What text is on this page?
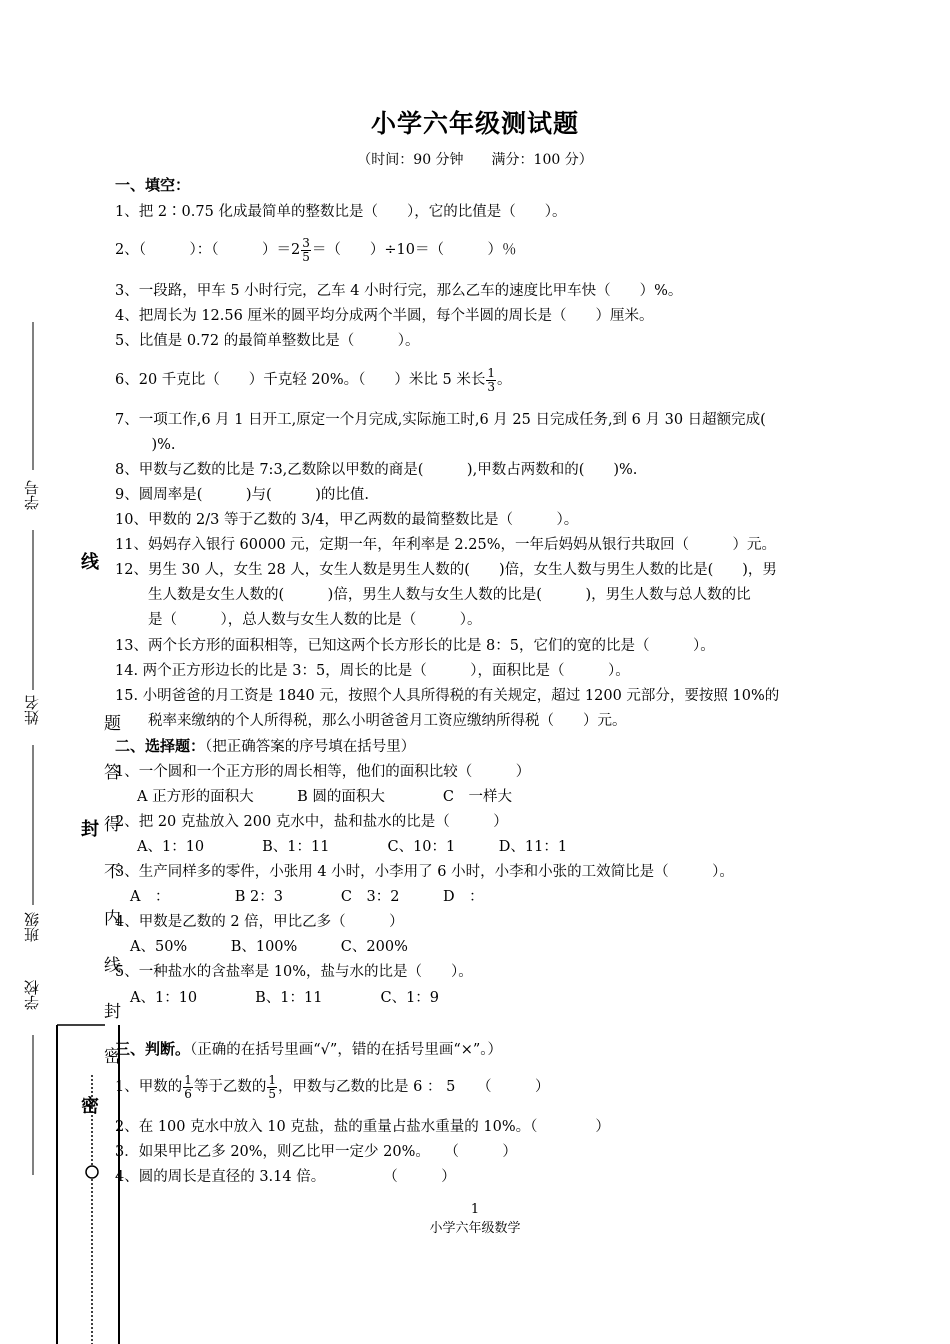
小学六年级测试题
（时间：90 分钟　　满分：100 分）
一、填空：
1、把 2∶0.75 化成最简单的整数比是（　　），它的比值是（　　）。
2、（　　　）：（　　　）$=2 \frac{3}{5}$ ＝（　　）÷10＝（　　　）％
3、一段路，甲车 5 小时行完，乙车 4 小时行完，那么乙车的速度比甲车快（　　）%。
4、把周长为 12.56 厘米的圆平均分成两个半圆，每个半圆的周长是（　　）厘米。
5、比值是 0.72 的最简单整数比是（　　　）。
6、20 千克比（　　）千克轻 20%。（　　）米比 5 米长 $\frac{1}{3}$ 。
7、一项工作,6 月 1 日开工,原定一个月完成,实际施工时,6 月 25 日完成任务,到 6 月 30 日超额完成(
　)%.
8、甲数与乙数的比是 7:3,乙数除以甲数的商是(　　　),甲数占两数和的(　　)%.
9、圆周率是(　　　)与(　　　)的比值.
10、甲数的 2/3 等于乙数的 3/4，甲乙两数的最简整数比是（　　　）。
11、妈妈存入银行 60000 元，定期一年，年利率是 2.25%，一年后妈妈从银行共取回（　　　）元。
12、男生 30 人，女生 28 人，女生人数是男生人数的(　　)倍，女生人数与男生人数的比是(　　)，男
生人数是女生人数的(　　　)倍，男生人数与女生人数的比是(　　　)，男生人数与总人数的比
是（　　　），总人数与女生人数的比是（　　　）。
13、两个长方形的面积相等，已知这两个长方形长的比是 8：5，它们的宽的比是（　　　）。
14. 两个正方形边长的比是 3：5，周长的比是（　　　），面积比是（　　　）。
15. 小明爸爸的月工资是 1840 元，按照个人具所得税的有关规定，超过 1200 元部分，要按照 10%的
税率来缴纳的个人所得税，那么小明爸爸月工资应缴纳所得税（　　）元。
二、选择题：（把正确答案的序号填在括号里）
1、一个圆和一个正方形的周长相等，他们的面积比较（　　　）
A 正方形的面积大　　　B 圆的面积大　　　　C　一样大
2、把 20 克盐放入 200 克水中，盐和盐水的比是（　　　）
A、1：10　　　　B、1：11　　　　C、10：1　　　D、11：1
3、生产同样多的零件，小张用 4 小时，小李用了 6 小时，小李和小张的工效简比是（　　　）。
A　：　　　　　B 2：3　　　　C　3：2　　　D　：
4、甲数是乙数的 2 倍，甲比乙多（　　　）
A、50%　　　B、100%　　　C、200%
5、一种盐水的含盐率是 10%，盐与水的比是（　　）。
A、1：10　　　　B、1：11　　　　C、1：9
三、判断。（正确的在括号里画“√”，错的在括号里画“×”。）
1、甲数的 $\frac{1}{6}$ 等于乙数的 $\frac{1}{5}$ ，甲数与乙数的比是 6 ： 5　　（　　　）
2、在 100 克水中放入 10 克盐，盐的重量占盐水重量的 10%。（　　　　）
3．如果甲比乙多 20%，则乙比甲一定少 20%。　　（　　　）
4、圆的周长是直径的 3.14 倍。　　　　　（　　　）
1
小学六年级数学
学号
姓名
班级
学校
线
题
答
封 得
不
内
线
封
密
密
